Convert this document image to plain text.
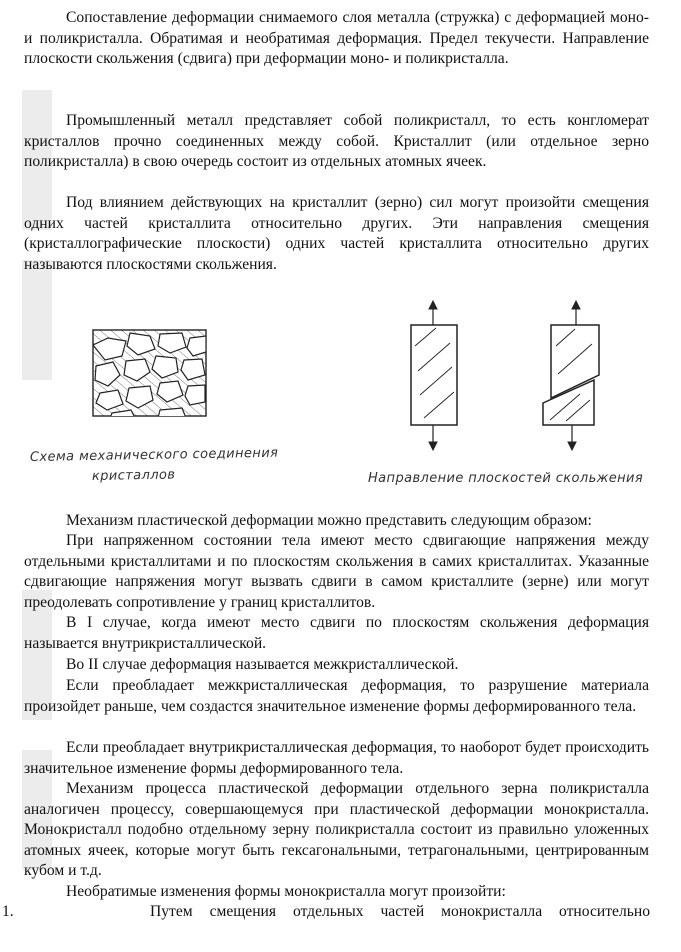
Сопоставление деформации снимаемого слоя металла (стружка) с деформацией моно- и поликристалла. Обратимая и необратимая деформация. Предел текучести. Направление плоскости скольжения (сдвига) при деформации моно- и поликристалла.

Промышленный металл представляет собой поликристалл, то есть конгломерат кристаллов прочно соединенных между собой. Кристаллит (или отдельное зерно поликристалла) в свою очередь состоит из отдельных атомных ячеек.

Под влиянием действующих на кристаллит (зерно) сил могут произойти смещения одних частей кристаллита относительно других. Эти направления смещения (кристаллографические плоскости) одних частей кристаллита относительно других называются плоскостями скольжения.

Схема механического соединения
кристаллов	Направление плоскостей скольжения

Механизм пластической деформации можно представить следующим образом:

При напряженном состоянии тела имеют место сдвигающие напряжения между отдельными кристаллитами и по плоскостям скольжения в самих кристаллитах. Указанные сдвигающие напряжения могут вызвать сдвиги в самом кристаллите (зерне) или могут преодолевать сопротивление у границ кристаллитов.

В I случае, когда имеют место сдвиги по плоскостям скольжения деформация называется внутрикристаллической.

Во II случае деформация называется межкристаллической.

Если преобладает межкристаллическая деформация, то разрушение материала произойдет раньше, чем создастся значительное изменение формы деформированного тела.

Если преобладает внутрикристаллическая деформация, то наоборот будет происходить значительное изменение формы деформированного тела.

Механизм процесса пластической деформации отдельного зерна поликристалла аналогичен процессу, совершающемуся при пластической деформации монокристалла. Монокристалл подобно отдельному зерну поликристалла состоит из правильно уложенных атомных ячеек, которые могут быть гексагональными, тетрагональными, центрированным кубом и т.д.

Необратимые изменения формы монокристалла могут произойти:

1.	Путем смещения отдельных частей монокристалла относительно
